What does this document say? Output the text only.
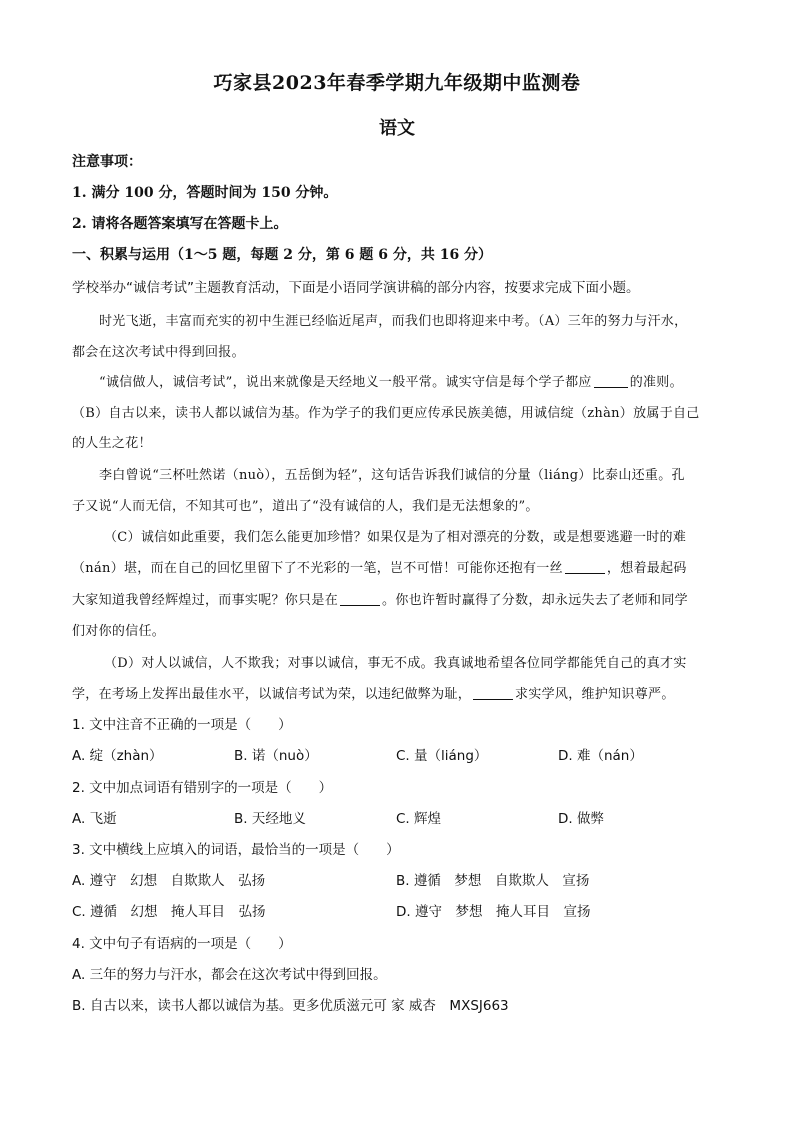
巧家县2023年春季学期九年级期中监测卷
语文
注意事项：
1. 满分 100 分，答题时间为 150 分钟。
2. 请将各题答案填写在答题卡上。
一、积累与运用（1～5 题，每题 2 分，第 6 题 6 分，共 16 分）
学校举办“诚信考试”主题教育活动，下面是小语同学演讲稿的部分内容，按要求完成下面小题。
时光飞逝，丰富而充实的初中生涯已经临近尾声，而我们也即将迎来中考。（A）三年的努力与汗水，
都会在这次考试中得到回报。
“诚信做人，诚信考试”，说出来就像是天经地义一般平常。诚实守信是每个学子都应	的准则。
（B）自古以来，读书人都以诚信为基。作为学子的我们更应传承民族美德，用诚信绽（zhàn）放属于自己
的人生之花！
李白曾说“三杯吐然诺（nuò），五岳倒为轻”，这句话告诉我们诚信的分量（liáng）比泰山还重。孔
子又说“人而无信，不知其可也”，道出了“没有诚信的人，我们是无法想象的”。
（C）诚信如此重要，我们怎么能更加珍惜？如果仅是为了相对漂亮的分数，或是想要逃避一时的难
（nán）堪，而在自己的回忆里留下了不光彩的一笔，岂不可惜！可能你还抱有一丝	，想着最起码
大家知道我曾经辉煌过，而事实呢？你只是在	。你也许暂时赢得了分数，却永远失去了老师和同学
们对你的信任。
（D）对人以诚信，人不欺我；对事以诚信，事无不成。我真诚地希望各位同学都能凭自己的真才实
学，在考场上发挥出最佳水平，以诚信考试为荣，以违纪做弊为耻，	求实学风，维护知识尊严。
1. 文中注音不正确的一项是（　　）
A. 绽（zhàn）	B. 诺（nuò）	C. 量（liáng）	D. 难（nán）
2. 文中加点词语有错别字的一项是（　　）
A. 飞逝	B. 天经地义	C. 辉煌	D. 做弊
3. 文中横线上应填入的词语，最恰当的一项是（　　）
A. 遵守　幻想　自欺欺人　弘扬	B. 遵循　梦想　自欺欺人　宣扬
C. 遵循　幻想　掩人耳目　弘扬	D. 遵守　梦想　掩人耳目　宣扬
4. 文中句子有语病的一项是（　　）
A. 三年的努力与汗水，都会在这次考试中得到回报。
B. 自古以来，读书人都以诚信为基。更多优质滋元可 家 威杏　MXSJ663
